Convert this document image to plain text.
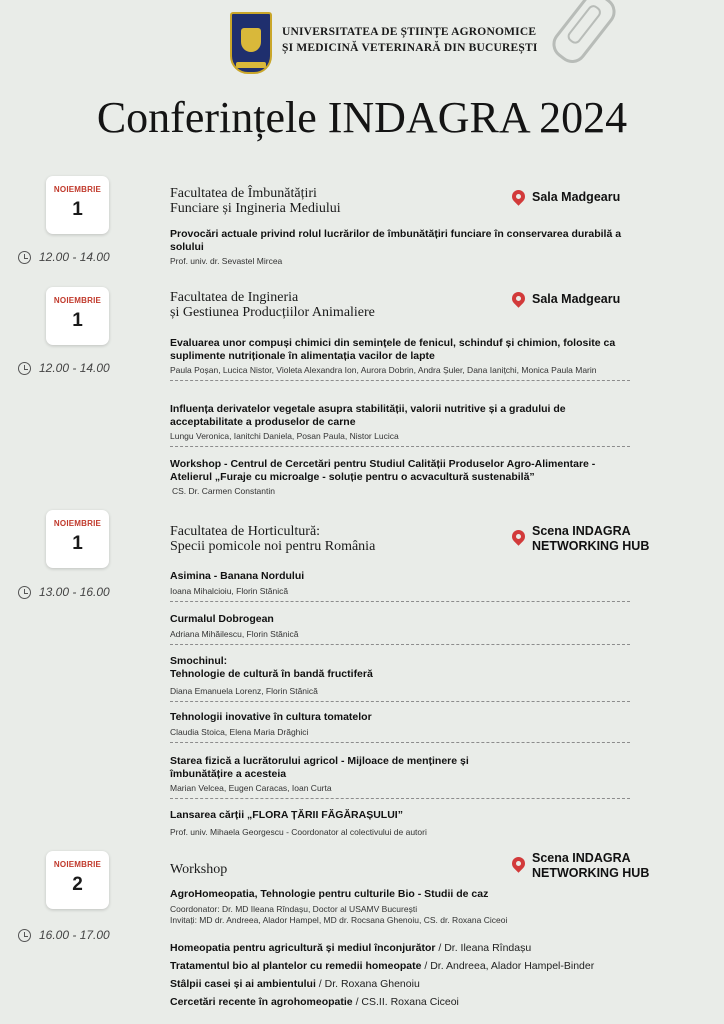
UNIVERSITATEA DE ȘTIINȚE AGRONOMICE
ȘI MEDICINĂ VETERINARĂ DIN BUCUREȘTI

Conferințele INDAGRA 2024
NOIEMBRIE
1
12.00 - 14.00
Facultatea de Îmbunătățiri
Funciare și Ingineria Mediului
Sala Madgearu

Provocări actuale privind rolul lucrărilor de îmbunătățiri funciare în conservarea durabilă a solului

Prof. univ. dr. Sevastel Mircea

NOIEMBRIE
1
12.00 - 14.00
Facultatea de Ingineria
și Gestiunea Producțiilor Animaliere
Sala Madgearu

Evaluarea unor compuși chimici din semințele de fenicul, schinduf și chimion, folosite ca suplimente nutriționale în alimentația vacilor de lapte

Paula Poșan, Lucica Nistor, Violeta Alexandra Ion, Aurora Dobrin, Andra Șuler, Dana Ianițchi, Monica Paula Marin

Influența derivatelor vegetale asupra stabilității, valorii nutritive și a gradului de acceptabilitate a produselor de carne

Lungu Veronica, Ianitchi Daniela, Posan Paula, Nistor Lucica

Workshop - Centrul de Cercetări pentru Studiul Calității Produselor Agro-Alimentare - Atelierul „Furaje cu microalge - soluție pentru o acvacultură sustenabilă”

CS. Dr. Carmen Constantin

NOIEMBRIE
1
13.00 - 16.00
Facultatea de Horticultură:
Specii pomicole noi pentru România
Scena INDAGRA
NETWORKING HUB

Asimina - Banana Nordului

Ioana Mihalcioiu, Florin Stănică

Curmalul Dobrogean

Adriana Mihăilescu, Florin Stănică

Smochinul:
Tehnologie de cultură în bandă fructiferă

Diana Emanuela Lorenz, Florin Stănică

Tehnologii inovative în cultura tomatelor

Claudia Stoica, Elena Maria Drăghici

Starea fizică a lucrătorului agricol - Mijloace de menținere și îmbunătățire a acesteia

Marian Velcea, Eugen Caracas, Ioan Curta

Lansarea cărții „FLORA ȚĂRII FĂGĂRAȘULUI”

Prof. univ. Mihaela Georgescu - Coordonator al colectivului de autori

NOIEMBRIE
2
16.00 - 17.00
Workshop
Scena INDAGRA
NETWORKING HUB

AgroHomeopatia, Tehnologie pentru culturile Bio - Studii de caz

Coordonator: Dr. MD Ileana Rîndașu, Doctor al USAMV București
Invitați: MD dr. Andreea, Alador Hampel, MD dr. Rocsana Ghenoiu, CS. dr. Roxana Ciceoi

Homeopatia pentru agricultură și mediul înconjurător / Dr. Ileana Rîndașu
Tratamentul bio al plantelor cu remedii homeopate / Dr. Andreea, Alador Hampel-Binder
Stâlpii casei și ai ambientului / Dr. Roxana Ghenoiu
Cercetări recente în agrohomeopatie / CS.II. Roxana Ciceoi
